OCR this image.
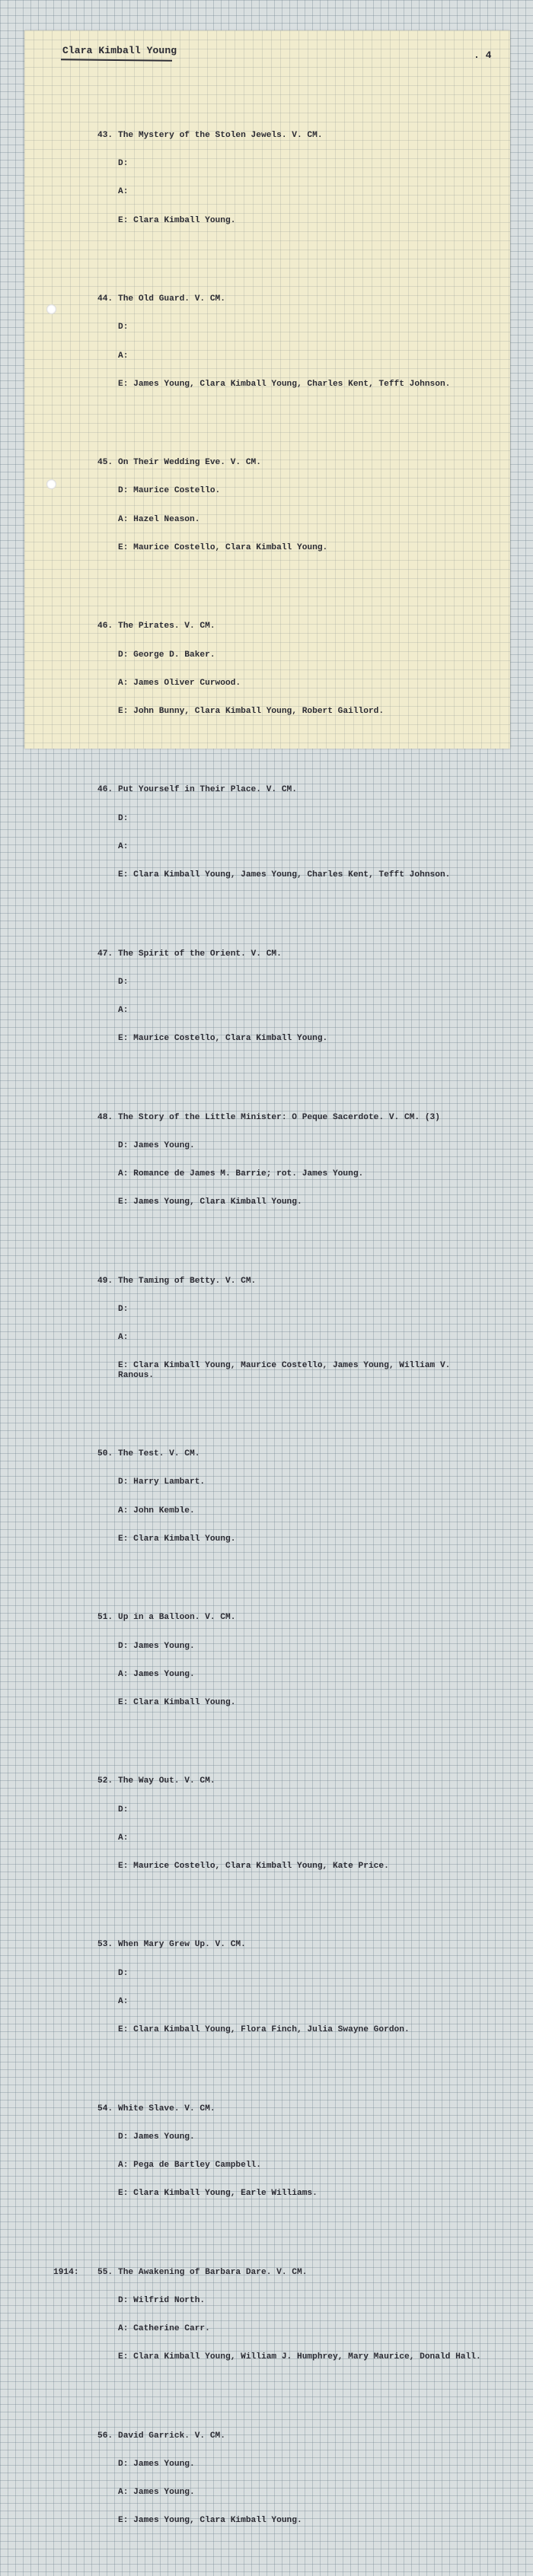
Clara Kimball Young	. 4

43. The Mystery of the Stolen Jewels. V. CM.

D:

A:

E: Clara Kimball Young.

44. The Old Guard. V. CM.

D:

A:

E: James Young, Clara Kimball Young, Charles Kent, Tefft Johnson.

45. On Their Wedding Eve. V. CM.

D: Maurice Costello.

A: Hazel Neason.

E: Maurice Costello, Clara Kimball Young.

46. The Pirates. V. CM.

D: George D. Baker.

A: James Oliver Curwood.

E: John Bunny, Clara Kimball Young, Robert Gaillord.

46. Put Yourself in Their Place. V. CM.

D:

A:

E: Clara Kimball Young, James Young, Charles Kent, Tefft Johnson.

47. The Spirit of the Orient. V. CM.

D:

A:

E: Maurice Costello, Clara Kimball Young.

48. The Story of the Little Minister: O Peque Sacerdote. V. CM. (3)

D: James Young.

A: Romance de James M. Barrie; rot. James Young.

E: James Young, Clara Kimball Young.

49. The Taming of Betty. V. CM.

D:

A:

E: Clara Kimball Young, Maurice Costello, James Young, William V. Ranous.

50. The Test. V. CM.

D: Harry Lambart.

A: John Kemble.

E: Clara Kimball Young.

51. Up in a Balloon. V. CM.

D: James Young.

A: James Young.

E: Clara Kimball Young.

52. The Way Out. V. CM.

D:

A:

E: Maurice Costello, Clara Kimball Young, Kate Price.

53. When Mary Grew Up. V. CM.

D:

A:

E: Clara Kimball Young, Flora Finch, Julia Swayne Gordon.

54. White Slave. V. CM.

D: James Young.

A: Pega de Bartley Campbell.

E: Clara Kimball Young, Earle Williams.

1914:	55. The Awakening of Barbara Dare. V. CM.

D: Wilfrid North.

A: Catherine Carr.

E: Clara Kimball Young, William J. Humphrey, Mary Maurice, Donald Hall.

56. David Garrick. V. CM.

D: James Young.

A: James Young.

E: James Young, Clara Kimball Young.
